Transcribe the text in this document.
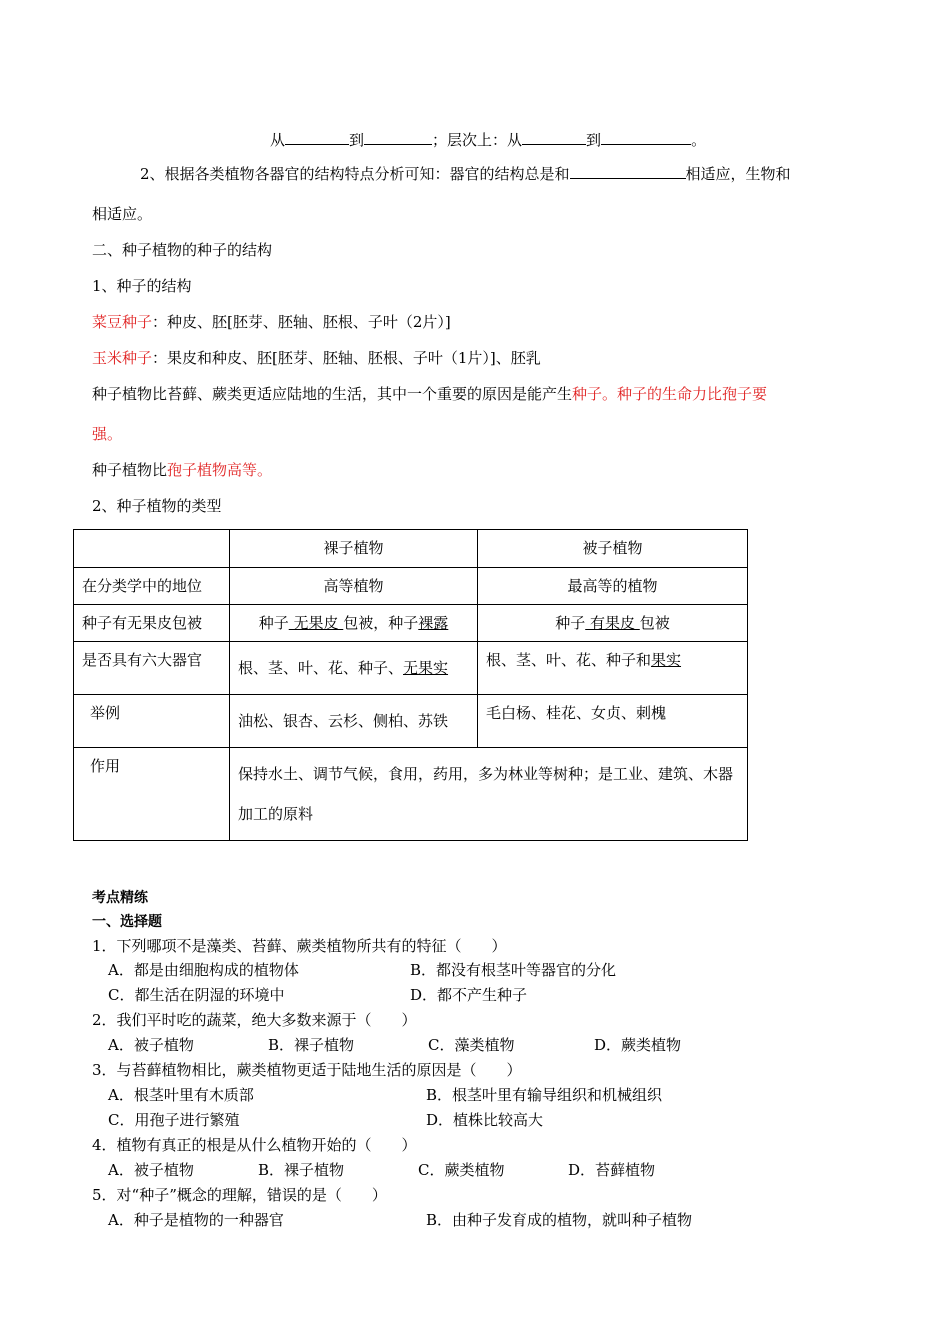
从	到	；层次上：从	到	。
2、根据各类植物各器官的结构特点分析可知：器官的结构总是和	相适应，生物和
相适应。
二、种子植物的种子的结构
1、种子的结构
菜豆种子：种皮、胚[胚芽、胚轴、胚根、子叶（2片）]
玉米种子：果皮和种皮、胚[胚芽、胚轴、胚根、子叶（1片）]、胚乳
种子植物比苔藓、蕨类更适应陆地的生活，其中一个重要的原因是能产生种子。种子的生命力比孢子要
强。
种子植物比孢子植物高等。
2、种子植物的类型
	裸子植物	被子植物
在分类学中的地位	高等植物	最高等的植物
种子有无果皮包被	种子 无果皮 包被，种子裸露	种子 有果皮 包被
是否具有六大器官	根、茎、叶、花、种子、无果实	根、茎、叶、花、种子和果实
举例	油松、银杏、云杉、侧柏、苏铁	毛白杨、桂花、女贞、刺槐
作用	保持水土、调节气候，食用，药用，多为林业等树种；是工业、建筑、木器加工的原料	
考点精练
一、选择题
1．下列哪项不是藻类、苔藓、蕨类植物所共有的特征（　　）
A．都是由细胞构成的植物体	B．都没有根茎叶等器官的分化
C．都生活在阴湿的环境中	D．都不产生种子
2．我们平时吃的蔬菜，绝大多数来源于（　　）
A．被子植物	B．裸子植物	C．藻类植物	D．蕨类植物
3．与苔藓植物相比，蕨类植物更适于陆地生活的原因是（　　）
A．根茎叶里有木质部	B．根茎叶里有输导组织和机械组织
C．用孢子进行繁殖	D．植株比较高大
4．植物有真正的根是从什么植物开始的（　　）
A．被子植物	B．裸子植物	C．蕨类植物	D．苔藓植物
5．对“种子”概念的理解，错误的是（　　）
A．种子是植物的一种器官	B．由种子发育成的植物，就叫种子植物
